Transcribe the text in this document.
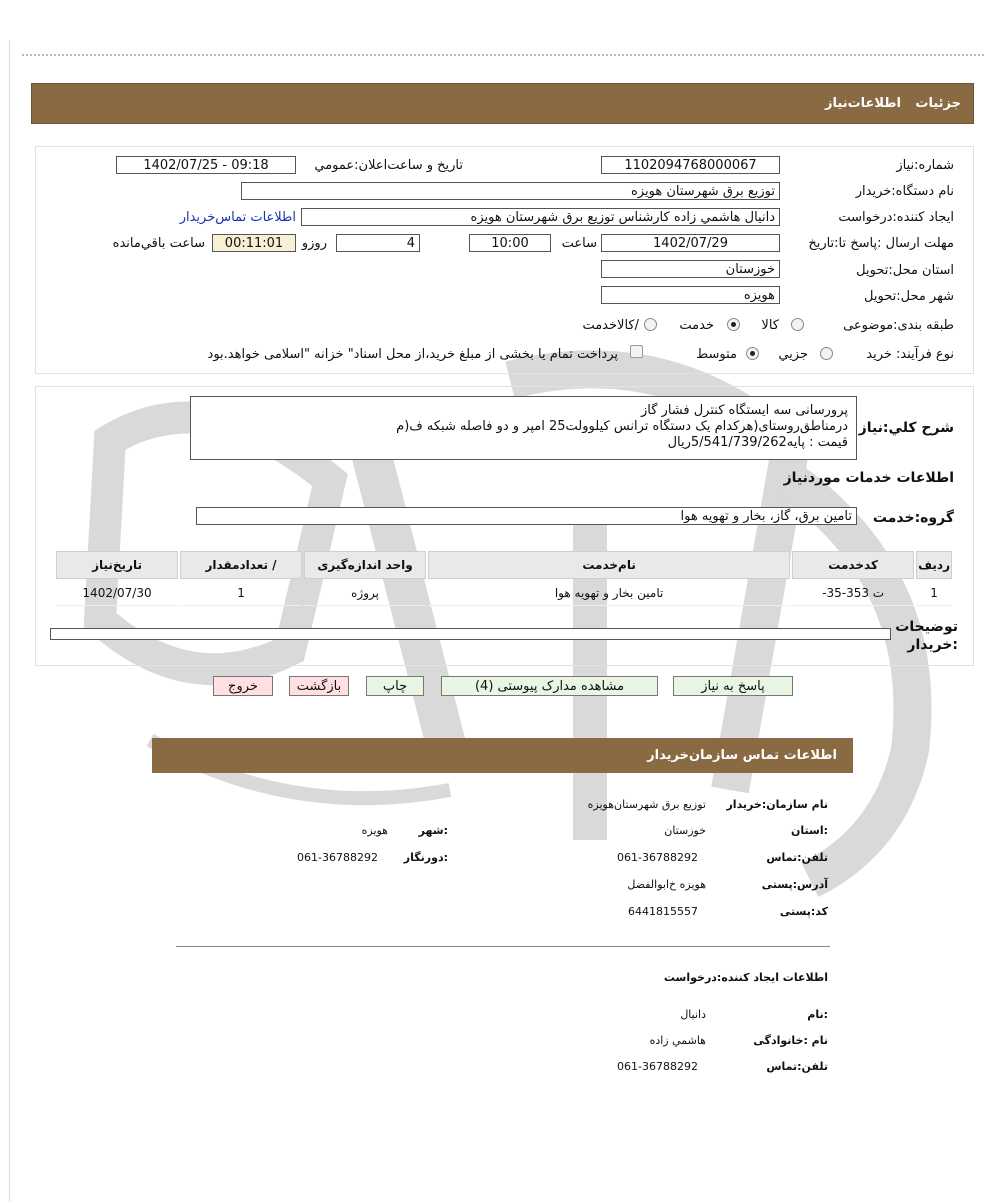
جزئيات
اطلاعات‌نياز
شماره:نیاز
1102094768000067
تاريخ و ساعت‌اعلان:عمومي
1402/07/25 - 09:18
نام دستگاه:خريدار
توزيع برق شهرستان هويزه
ايجاد کننده:درخواست
دانيال هاشمي زاده کارشناس توزيع برق شهرستان هويزه
اطلاعات تماس‌خريدار
مهلت ارسال :پاسخ تا:تاريخ
1402/07/29
ساعت
10:00
4
روزو
00:11:01
ساعت باقي‌مانده
استان محل:تحويل
خوزستان
شهر محل:تحويل
هويزه
طبقه بندی:موضوعی
کالا
خدمت
/کالاخدمت
نوع فرآيند: خريد
جزيي
متوسط
پرداخت تمام يا بخشی از مبلغ خريد،از محل اسناد" خزانه "اسلامی خواهد.بود
شرح کلي:نياز
پرورسانی سه ایستگاه کنترل فشار گاز
درمناطق‌روستای(هرکدام یک دستگاه ترانس کیلوولت25 امپر و دو فاصله شبکه ف(م
قیمت : پایه5/541/739/262ریال
اطلاعات خدمات موردنياز
گروه:خدمت
تامين برق، گاز، بخار و تهويه هوا
رديف	کدخدمت	نام‌خدمت	واحد اندازه‌گيری	/ تعدادمقدار	تاريخ‌نياز
1	ت 353-35-	تامين بخار و تهويه هوا	پروژه	1	1402/07/30
توضيحات :خريدار
پاسخ به نياز
مشاهده مدارک پيوستی (4)
چاپ
بازگشت
خروج
اطلاعات تماس سازمان‌خريدار
نام سازمان:خريدار
توزيع برق شهرستان‌هويزه
:استان
خوزستان
:شهر
هويزه
تلفن:تماس
061-36788292
:دورنگار
061-36788292
آدرس:پستی
هويزه خ‌ابوالفضل
کد:پستی
6441815557
اطلاعات ايجاد کننده:درخواست
:نام
دانيال
نام :خانوادگی
هاشمي زاده
تلفن:تماس
061-36788292
